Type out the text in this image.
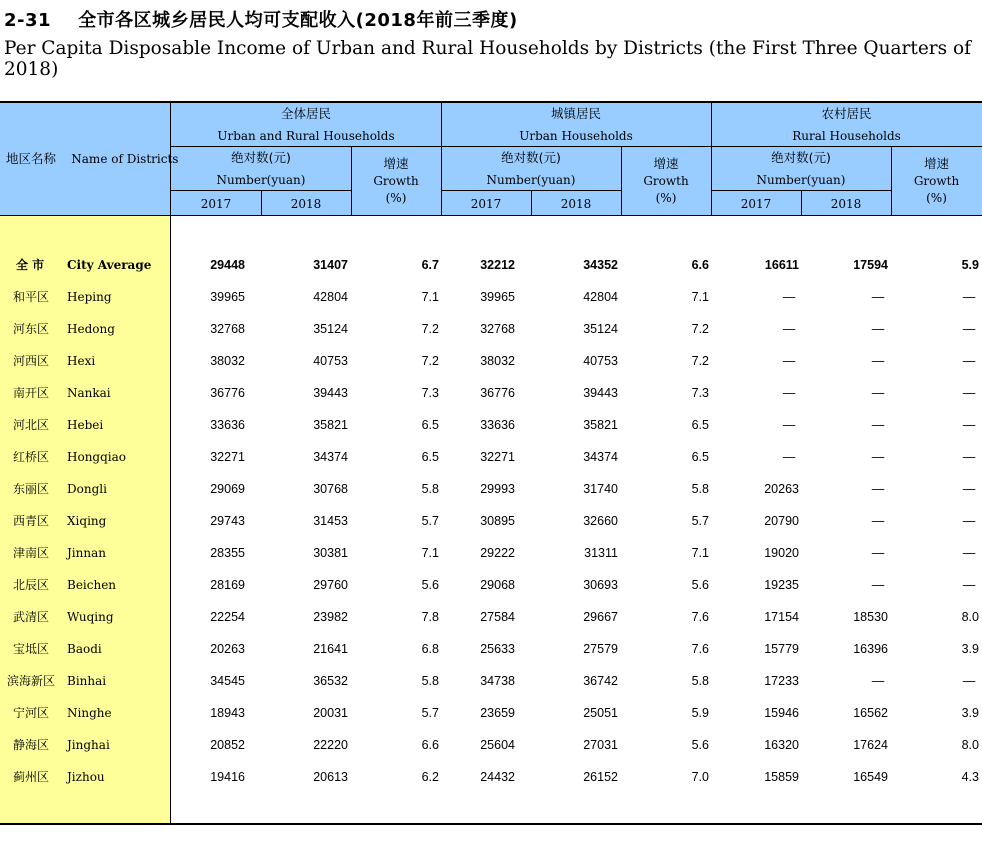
2-31 全市各区城乡居民人均可支配收入(2018年前三季度)
Per Capita Disposable Income of Urban and Rural Households by Districts (the First Three Quarters of 2018)
地区名称 Name of Districts
全体居民
Urban and Rural Households
绝对数(元)
Number(yuan)
2017	2018
增速
Growth
(%)
城镇居民
Urban Households
绝对数(元)
Number(yuan)
2017	2018
增速
Growth
(%)
农村居民
Rural Households
绝对数(元)
Number(yuan)
2017	2018
增速
Growth
(%)
全 市 City Average	29448	31407	6.7	32212	34352	6.6	16611	17594	5.9
和平区 Heping	39965	42804	7.1	39965	42804	7.1	—	—	—
河东区 Hedong	32768	35124	7.2	32768	35124	7.2	—	—	—
河西区 Hexi	38032	40753	7.2	38032	40753	7.2	—	—	—
南开区 Nankai	36776	39443	7.3	36776	39443	7.3	—	—	—
河北区 Hebei	33636	35821	6.5	33636	35821	6.5	—	—	—
红桥区 Hongqiao	32271	34374	6.5	32271	34374	6.5	—	—	—
东丽区 Dongli	29069	30768	5.8	29993	31740	5.8	20263	—	—
西青区 Xiqing	29743	31453	5.7	30895	32660	5.7	20790	—	—
津南区 Jinnan	28355	30381	7.1	29222	31311	7.1	19020	—	—
北辰区 Beichen	28169	29760	5.6	29068	30693	5.6	19235	—	—
武清区 Wuqing	22254	23982	7.8	27584	29667	7.6	17154	18530	8.0
宝坻区 Baodi	20263	21641	6.8	25633	27579	7.6	15779	16396	3.9
滨海新区 Binhai	34545	36532	5.8	34738	36742	5.8	17233	—	—
宁河区 Ninghe	18943	20031	5.7	23659	25051	5.9	15946	16562	3.9
静海区 Jinghai	20852	22220	6.6	25604	27031	5.6	16320	17624	8.0
蓟州区 Jizhou	19416	20613	6.2	24432	26152	7.0	15859	16549	4.3
